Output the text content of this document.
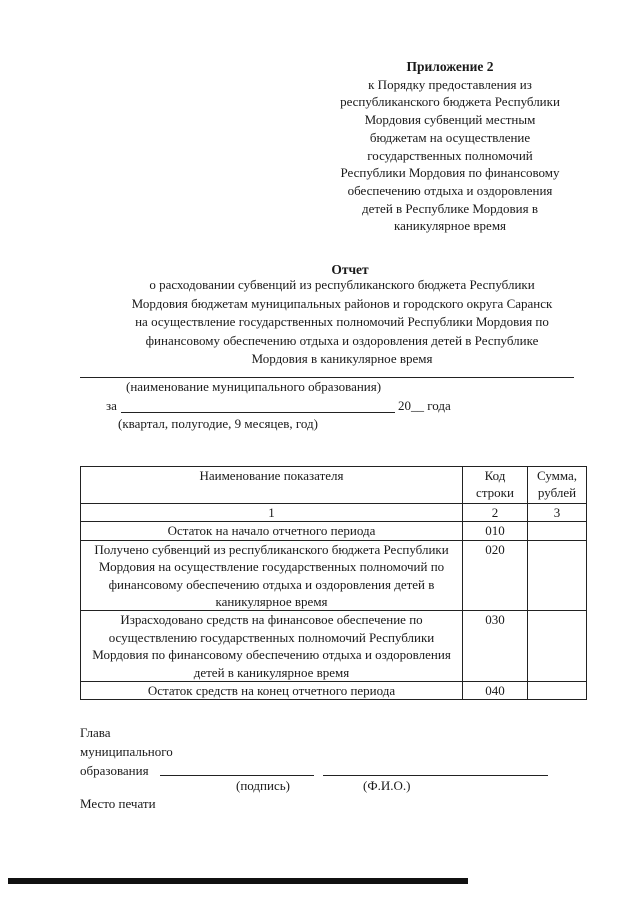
Приложение 2
к Порядку предоставления из
республиканского бюджета Республики
Мордовия субвенций местным
бюджетам на осуществление
государственных полномочий
Республики Мордовия по финансовому
обеспечению отдыха и оздоровления
детей в Республике Мордовия в
каникулярное время
Отчет
о расходовании субвенций из республиканского бюджета Республики
Мордовия бюджетам муниципальных районов и городского округа Саранск
на осуществление государственных полномочий Республики Мордовия по
финансовому обеспечению отдыха и оздоровления детей в Республике
Мордовия в каникулярное время
(наименование муниципального образования)
за	20__ года
(квартал, полугодие, 9 месяцев, год)
Наименование показателя	Код строки	Сумма, рублей
1	2	3
Остаток на начало отчетного периода	010	
Получено субвенций из республиканского бюджета Республики Мордовия на осуществление государственных полномочий по финансовому обеспечению отдыха и оздоровления детей в каникулярное время	020	
Израсходовано средств на финансовое обеспечение по осуществлению государственных полномочий Республики Мордовия по финансовому обеспечению отдыха и оздоровления детей в каникулярное время	030	
Остаток средств на конец отчетного периода	040	
Глава
муниципального
образования
(подпись)	(Ф.И.О.)
Место печати
